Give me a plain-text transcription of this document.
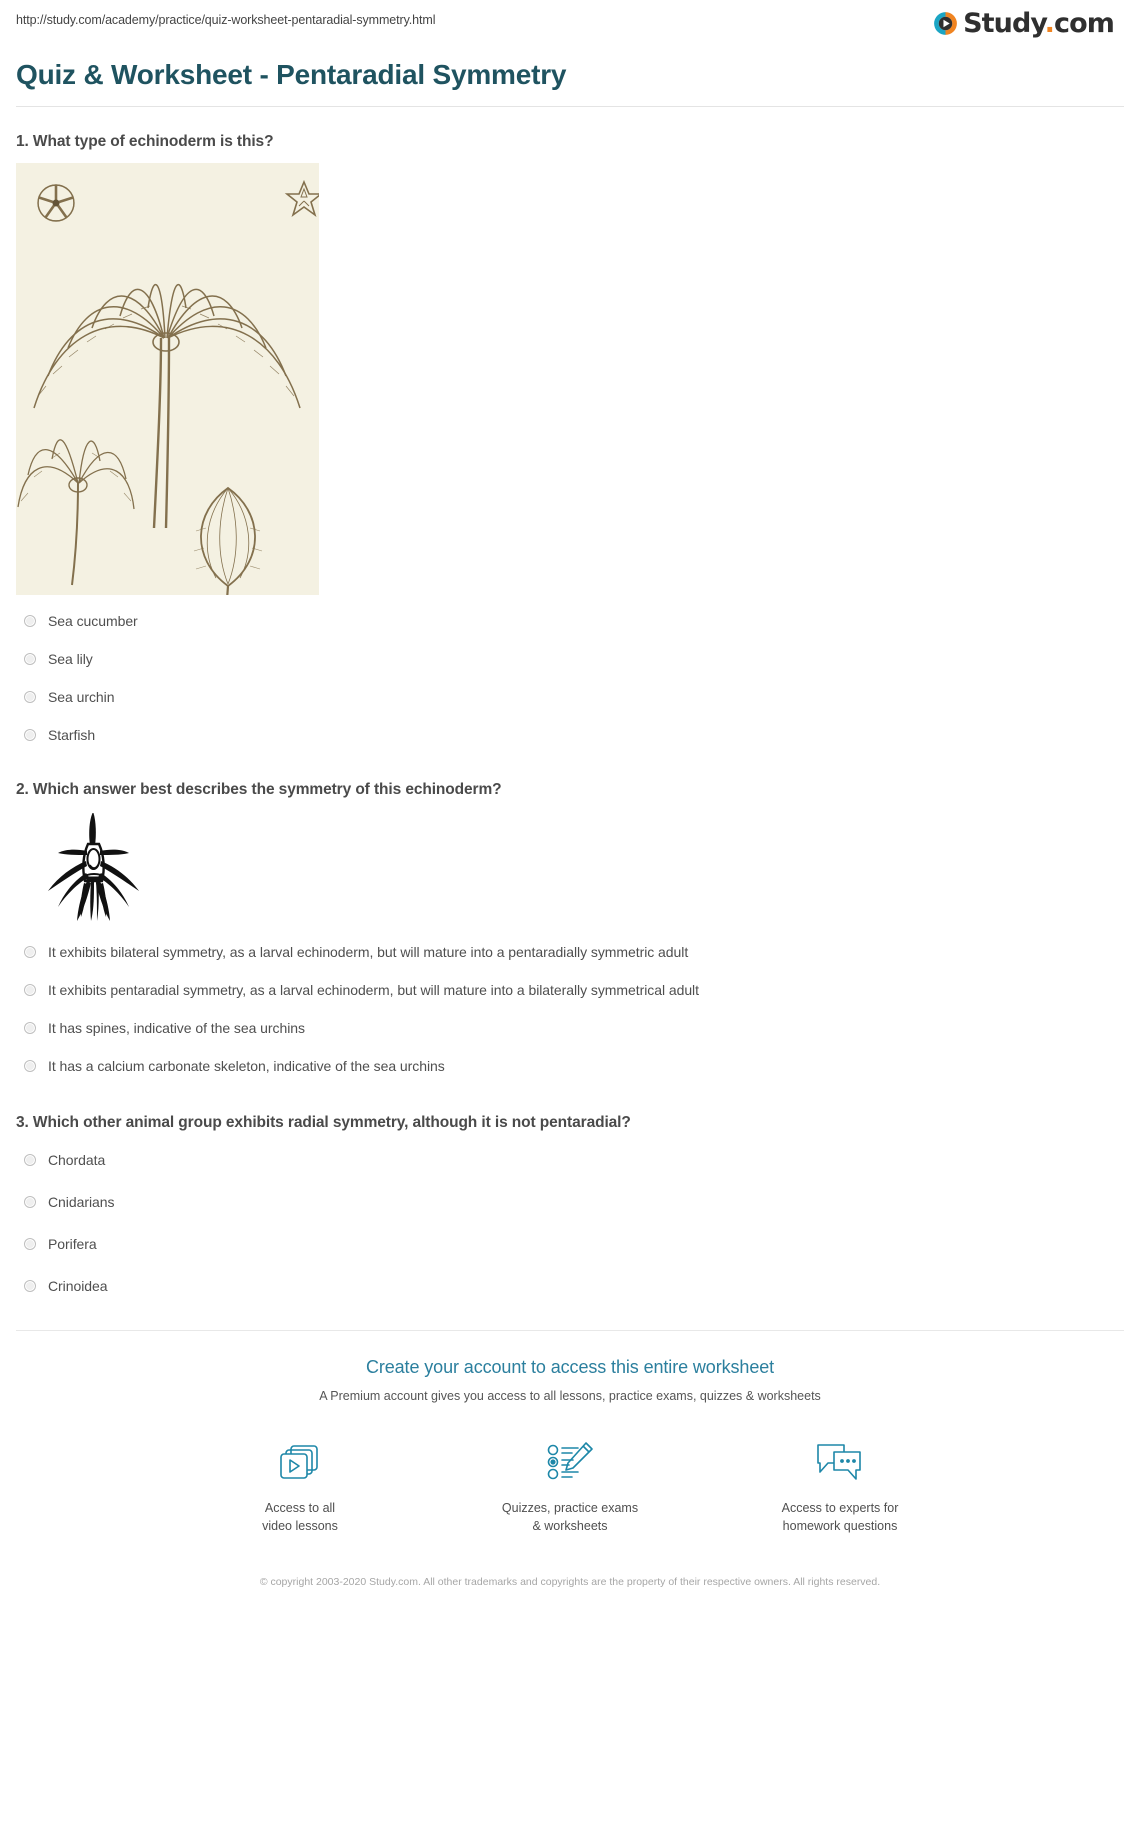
http://study.com/academy/practice/quiz-worksheet-pentaradial-symmetry.html	Study.com
Quiz & Worksheet - Pentaradial Symmetry

1. What type of echinoderm is this?

Sea cucumber
Sea lily
Sea urchin
Starfish

2. Which answer best describes the symmetry of this echinoderm?

It exhibits bilateral symmetry, as a larval echinoderm, but will mature into a pentaradially symmetric adult
It exhibits pentaradial symmetry, as a larval echinoderm, but will mature into a bilaterally symmetrical adult
It has spines, indicative of the sea urchins
It has a calcium carbonate skeleton, indicative of the sea urchins

3. Which other animal group exhibits radial symmetry, although it is not pentaradial?

Chordata
Cnidarians
Porifera
Crinoidea

Create your account to access this entire worksheet

A Premium account gives you access to all lessons, practice exams, quizzes & worksheets

Access to all
video lessons
Quizzes, practice exams
& worksheets
Access to experts for
homework questions

© copyright 2003-2020 Study.com. All other trademarks and copyrights are the property of their respective owners. All rights reserved.
